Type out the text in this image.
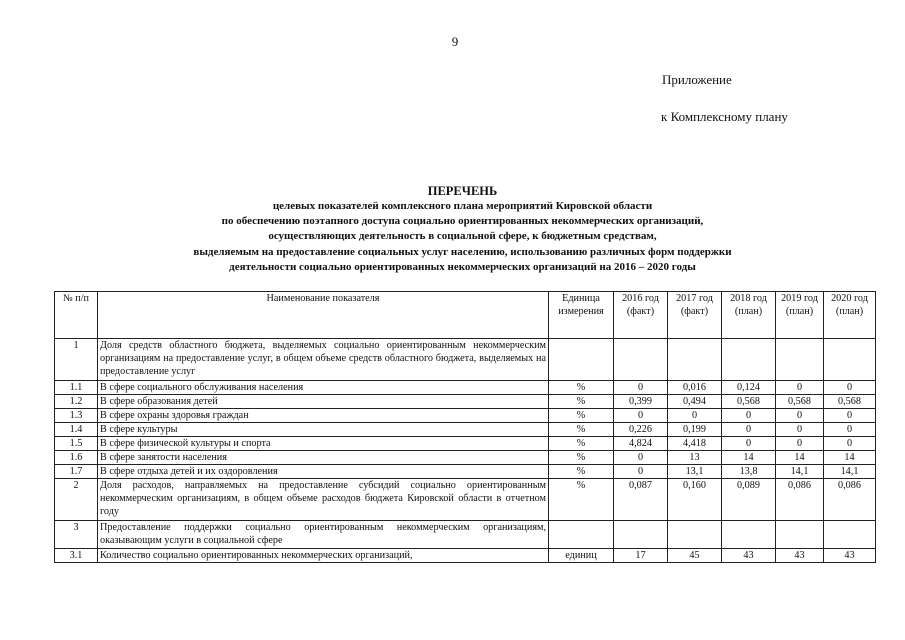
9
Приложение
к Комплексному плану
ПЕРЕЧЕНЬ
целевых показателей комплексного плана мероприятий Кировской области
по обеспечению поэтапного доступа социально ориентированных некоммерческих организаций,
осуществляющих деятельность в социальной сфере, к бюджетным средствам,
выделяемым на предоставление социальных услуг населению, использованию различных форм поддержки
деятельности социально ориентированных некоммерческих организаций на 2016 – 2020 годы
№ п/п	Наименование показателя	Единица измерения	2016 год (факт)	2017 год (факт)	2018 год (план)	2019 год (план)	2020 год (план)
1	Доля средств областного бюджета, выделяемых социально ориентированным некоммерческим организациям на предоставление услуг, в общем объеме средств областного бюджета, выделяемых на предоставление услуг						
1.1	В сфере социального обслуживания населения	%	0	0,016	0,124	0	0
1.2	В сфере образования детей	%	0,399	0,494	0,568	0,568	0,568
1.3	В сфере охраны здоровья граждан	%	0	0	0	0	0
1.4	В сфере культуры	%	0,226	0,199	0	0	0
1.5	В сфере физической культуры и спорта	%	4,824	4,418	0	0	0
1.6	В сфере занятости населения	%	0	13	14	14	14
1.7	В сфере отдыха детей и их оздоровления	%	0	13,1	13,8	14,1	14,1
2	Доля расходов, направляемых на предоставление субсидий социально ориентированным некоммерческим организациям, в общем объеме расходов бюджета Кировской области в отчетном году	%	0,087	0,160	0,089	0,086	0,086
3	Предоставление поддержки социально ориентированным некоммерческим организациям, оказывающим услуги в социальной сфере						
3.1	Количество социально ориентированных некоммерческих организаций,	единиц	17	45	43	43	43
